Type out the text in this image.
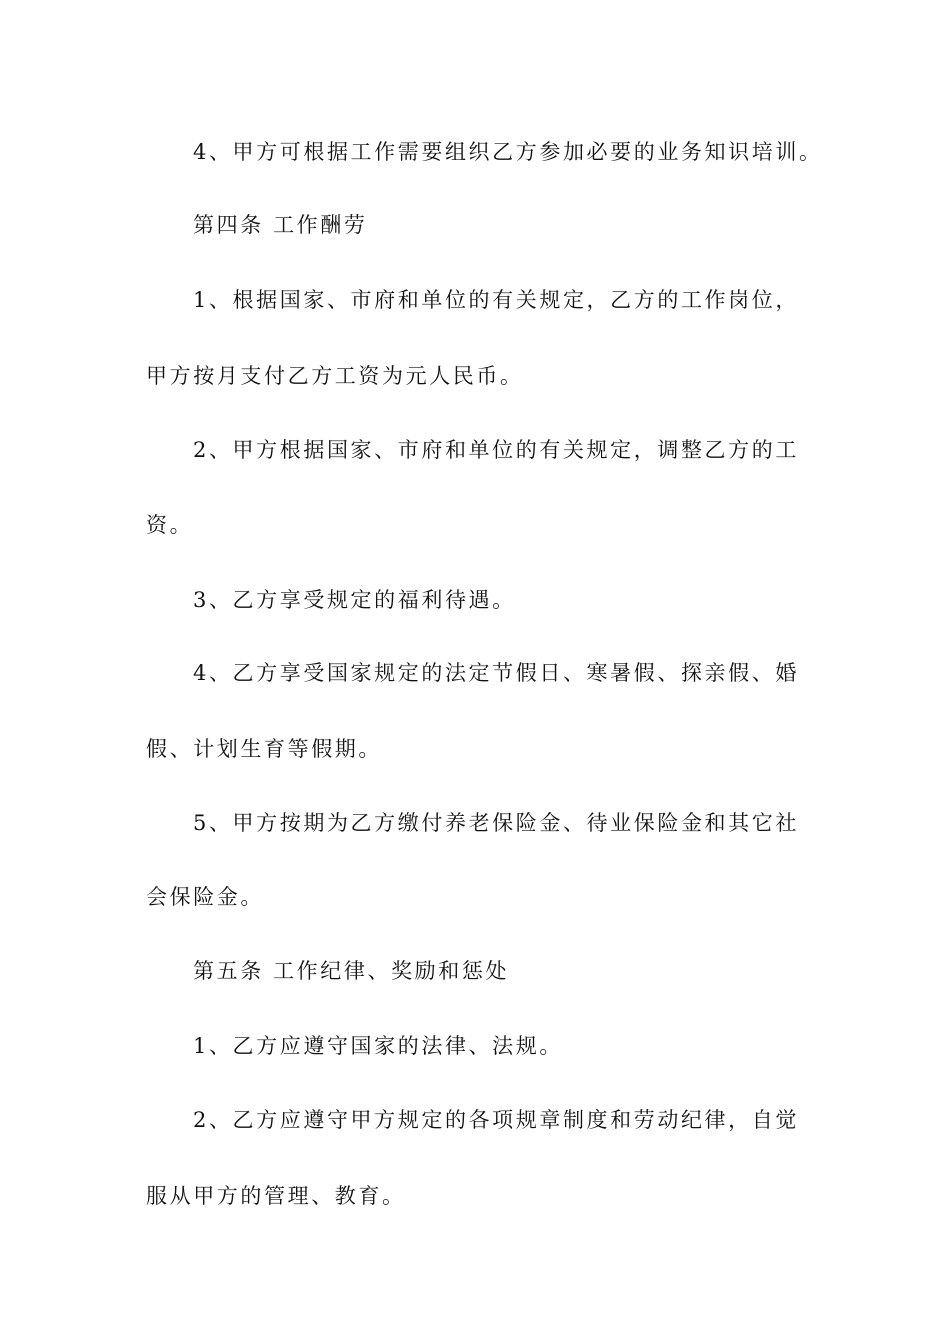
4、甲方可根据工作需要组织乙方参加必要的业务知识培训。
第四条 工作酬劳
1、根据国家、市府和单位的有关规定，乙方的工作岗位，
甲方按月支付乙方工资为元人民币。
2、甲方根据国家、市府和单位的有关规定，调整乙方的工
资。
3、乙方享受规定的福利待遇。
4、乙方享受国家规定的法定节假日、寒暑假、探亲假、婚
假、计划生育等假期。
5、甲方按期为乙方缴付养老保险金、待业保险金和其它社
会保险金。
第五条 工作纪律、奖励和惩处
1、乙方应遵守国家的法律、法规。
2、乙方应遵守甲方规定的各项规章制度和劳动纪律，自觉
服从甲方的管理、教育。
